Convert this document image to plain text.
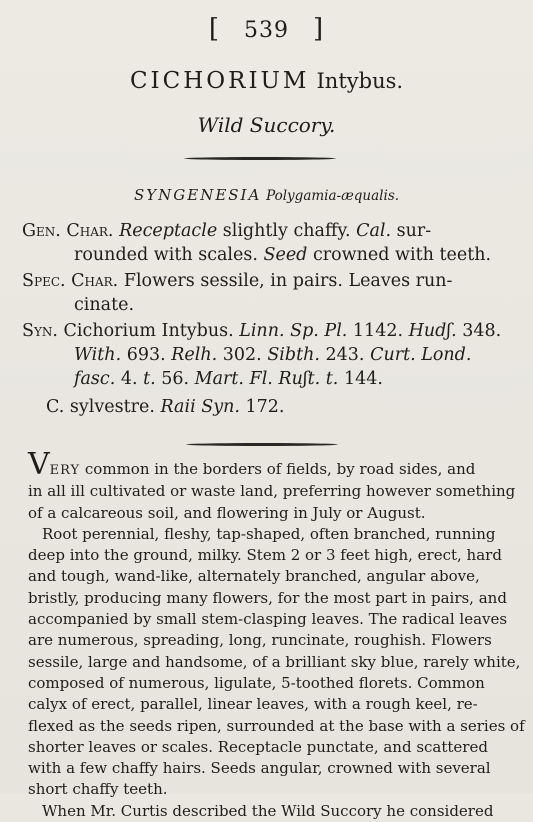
[ 539 ]
CICHORIUM Intybus.
Wild Succory.
SYNGENESIA Polygamia-æqualis.
Gen. Char. Receptacle slightly chaffy. Cal. sur-
rounded with scales. Seed crowned with teeth.
Spec. Char. Flowers sessile, in pairs. Leaves run-
cinate.
Syn. Cichorium Intybus. Linn. Sp. Pl. 1142. Hudʃ. 348.
With. 693. Relh. 302. Sibth. 243. Curt. Lond.
fasc. 4. t. 56. Mart. Fl. Ruʃt. t. 144.
C. sylvestre. Raii Syn. 172.
VERY common in the borders of fields, by road sides, and
in all ill cultivated or waste land, preferring however something
of a calcareous soil, and flowering in July or August.
Root perennial, fleshy, tap-shaped, often branched, running
deep into the ground, milky. Stem 2 or 3 feet high, erect, hard
and tough, wand-like, alternately branched, angular above,
bristly, producing many flowers, for the most part in pairs, and
accompanied by small stem-clasping leaves. The radical leaves
are numerous, spreading, long, runcinate, roughish. Flowers
sessile, large and handsome, of a brilliant sky blue, rarely white,
composed of numerous, ligulate, 5-toothed florets. Common
calyx of erect, parallel, linear leaves, with a rough keel, re-
flexed as the seeds ripen, surrounded at the base with a series of
shorter leaves or scales. Receptacle punctate, and scattered
with a few chaffy hairs. Seeds angular, crowned with several
short chaffy teeth.
When Mr. Curtis described the Wild Succory he considered
